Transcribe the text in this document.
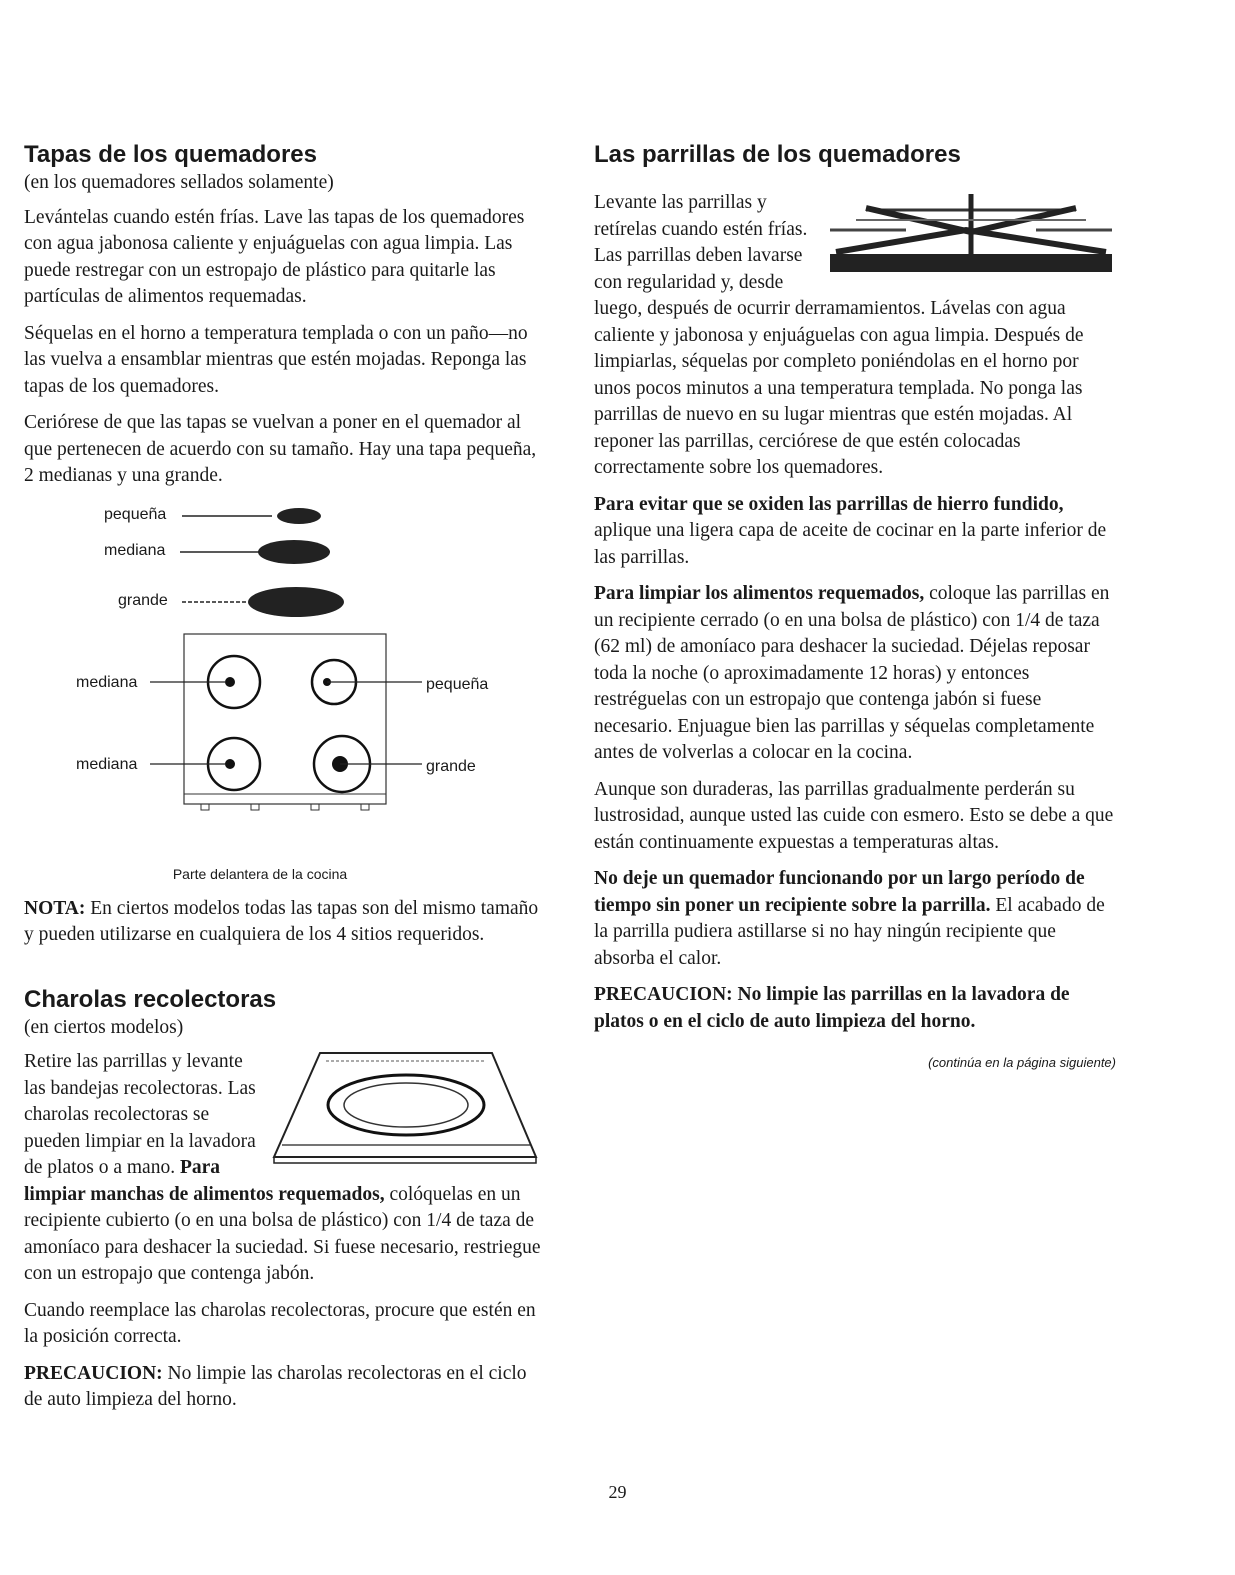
Tapas de los quemadores

(en los quemadores sellados solamente)

Levántelas cuando estén frías. Lave las tapas de los quemadores con agua jabonosa caliente y enjuáguelas con agua limpia. Las puede restregar con un estropajo de plástico para quitarle las partículas de alimentos requemadas.

Séquelas en el horno a temperatura templada o con un paño—no las vuelva a ensamblar mientras que estén mojadas. Reponga las tapas de los quemadores.

Ceriórese de que las tapas se vuelvan a poner en el quemador al que pertenecen de acuerdo con su tamaño. Hay una tapa pequeña, 2 medianas y una grande.

pequeña
mediana
grande
mediana
mediana
pequeña
grande
Parte delantera de la cocina

NOTA: En ciertos modelos todas las tapas son del mismo tamaño y pueden utilizarse en cualquiera de los 4 sitios requeridos.

Charolas recolectoras

(en ciertos modelos)

Retire las parrillas y levante las bandejas recolectoras. Las charolas recolectoras se pueden limpiar en la lavadora de platos o a mano. Para limpiar manchas de alimentos requemados, colóquelas en un recipiente cubierto (o en una bolsa de plástico) con 1/4 de taza de amoníaco para deshacer la suciedad. Si fuese necesario, restriegue con un estropajo que contenga jabón.

Cuando reemplace las charolas recolectoras, procure que estén en la posición correcta.

PRECAUCION: No limpie las charolas recolectoras en el ciclo de auto limpieza del horno.

Las parrillas de los quemadores

Levante las parrillas y retírelas cuando estén frías. Las parrillas deben lavarse con regularidad y, desde luego, después de ocurrir derramamientos. Lávelas con agua caliente y jabonosa y enjuáguelas con agua limpia. Después de limpiarlas, séquelas por completo poniéndolas en el horno por unos pocos minutos a una temperatura templada. No ponga las parrillas de nuevo en su lugar mientras que estén mojadas. Al reponer las parrillas, cerciórese de que estén colocadas correctamente sobre los quemadores.

Para evitar que se oxiden las parrillas de hierro fundido, aplique una ligera capa de aceite de cocinar en la parte inferior de las parrillas.

Para limpiar los alimentos requemados, coloque las parrillas en un recipiente cerrado (o en una bolsa de plástico) con 1/4 de taza (62 ml) de amoníaco para deshacer la suciedad. Déjelas reposar toda la noche (o aproximadamente 12 horas) y entonces restréguelas con un estropajo que contenga jabón si fuese necesario. Enjuague bien las parrillas y séquelas completamente antes de volverlas a colocar en la cocina.

Aunque son duraderas, las parrillas gradualmente perderán su lustrosidad, aunque usted las cuide con esmero. Esto se debe a que están continuamente expuestas a temperaturas altas.

No deje un quemador funcionando por un largo período de tiempo sin poner un recipiente sobre la parrilla. El acabado de la parrilla pudiera astillarse si no hay ningún recipiente que absorba el calor.

PRECAUCION: No limpie las parrillas en la lavadora de platos o en el ciclo de auto limpieza del horno.

(continúa en la página siguiente)
29
